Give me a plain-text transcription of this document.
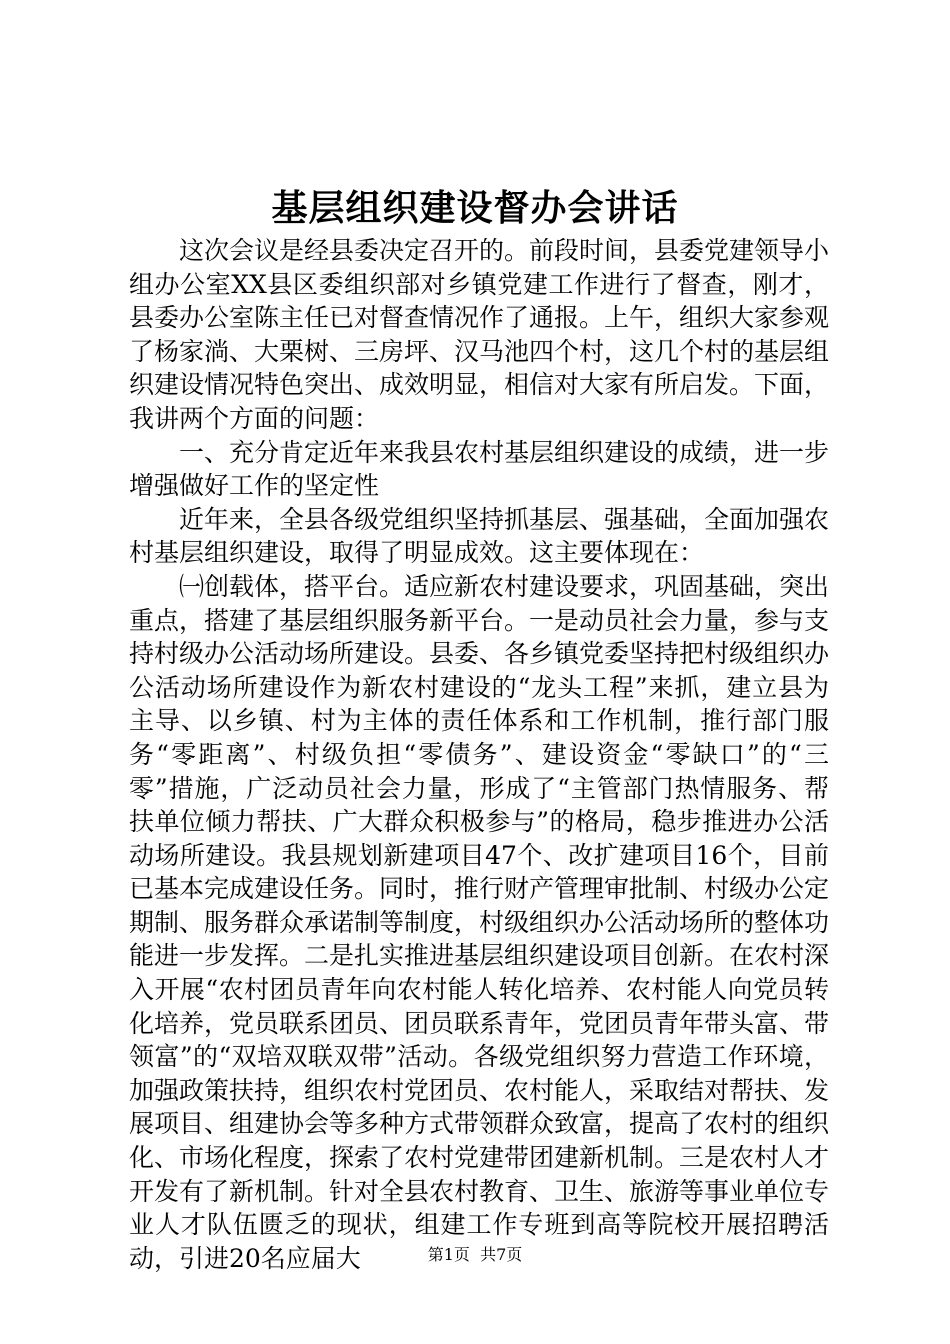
基层组织建设督办会讲话

这次会议是经县委决定召开的。前段时间，县委党建领导小组办公室XX县区委组织部对乡镇党建工作进行了督查，刚才，县委办公室陈主任已对督查情况作了通报。上午，组织大家参观了杨家淌、大栗树、三房坪、汉马池四个村，这几个村的基层组织建设情况特色突出、成效明显，相信对大家有所启发。下面，我讲两个方面的问题：

一、充分肯定近年来我县农村基层组织建设的成绩，进一步增强做好工作的坚定性

近年来，全县各级党组织坚持抓基层、强基础，全面加强农村基层组织建设，取得了明显成效。这主要体现在：

㈠创载体，搭平台。适应新农村建设要求，巩固基础，突出重点，搭建了基层组织服务新平台。一是动员社会力量，参与支持村级办公活动场所建设。县委、各乡镇党委坚持把村级组织办公活动场所建设作为新农村建设的“龙头工程”来抓，建立县为主导、以乡镇、村为主体的责任体系和工作机制，推行部门服务“零距离”、村级负担“零债务”、建设资金“零缺口”的“三零”措施，广泛动员社会力量，形成了“主管部门热情服务、帮扶单位倾力帮扶、广大群众积极参与”的格局，稳步推进办公活动场所建设。我县规划新建项目47个、改扩建项目16个，目前已基本完成建设任务。同时，推行财产管理审批制、村级办公定期制、服务群众承诺制等制度，村级组织办公活动场所的整体功能进一步发挥。二是扎实推进基层组织建设项目创新。在农村深入开展“农村团员青年向农村能人转化培养、农村能人向党员转化培养，党员联系团员、团员联系青年，党团员青年带头富、带领富”的“双培双联双带”活动。各级党组织努力营造工作环境，加强政策扶持，组织农村党团员、农村能人，采取结对帮扶、发展项目、组建协会等多种方式带领群众致富，提高了农村的组织化、市场化程度，探索了农村党建带团建新机制。三是农村人才开发有了新机制。针对全县农村教育、卫生、旅游等事业单位专业人才队伍匮乏的现状，组建工作专班到高等院校开展招聘活动，引进20名应届大	第1页  共7页
